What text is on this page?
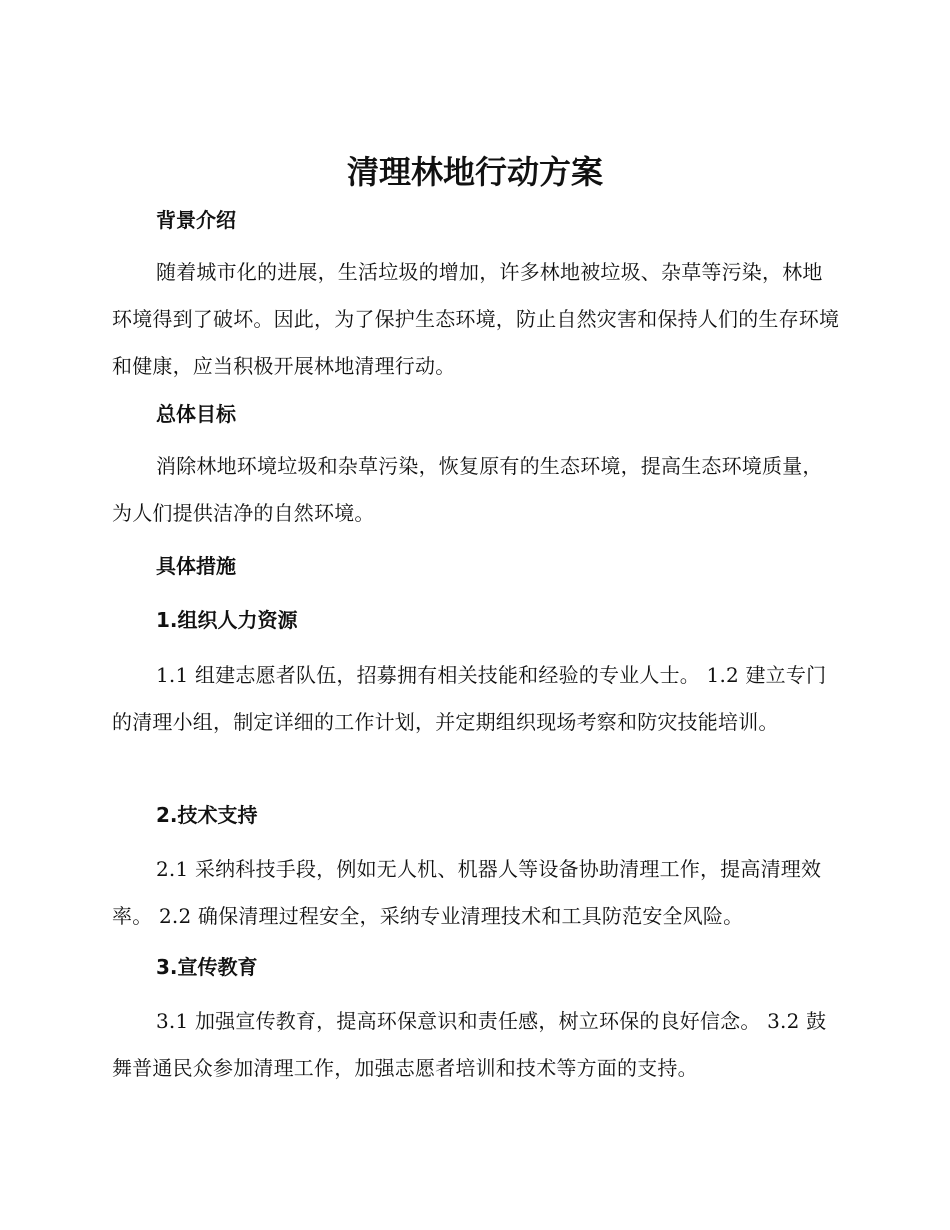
清理林地行动方案
背景介绍

随着城市化的进展，生活垃圾的增加，许多林地被垃圾、杂草等污染，林地环境得到了破坏。因此，为了保护生态环境，防止自然灾害和保持人们的生存环境和健康，应当积极开展林地清理行动。

总体目标

消除林地环境垃圾和杂草污染，恢复原有的生态环境，提高生态环境质量，为人们提供洁净的自然环境。

具体措施
1.组织人力资源

1.1 组建志愿者队伍，招募拥有相关技能和经验的专业人士。 1.2 建立专门的清理小组，制定详细的工作计划，并定期组织现场考察和防灾技能培训。

2.技术支持

2.1 采纳科技手段，例如无人机、机器人等设备协助清理工作，提高清理效率。 2.2 确保清理过程安全，采纳专业清理技术和工具防范安全风险。

3.宣传教育

3.1 加强宣传教育，提高环保意识和责任感，树立环保的良好信念。 3.2 鼓舞普通民众参加清理工作，加强志愿者培训和技术等方面的支持。
